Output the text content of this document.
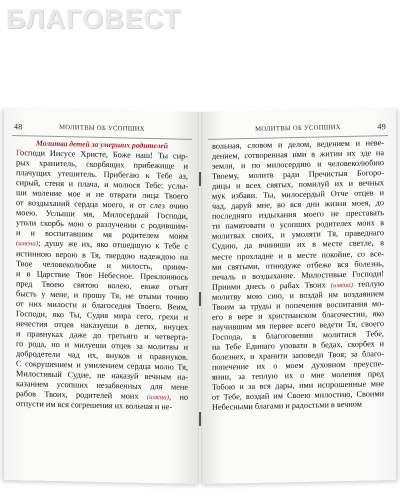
БЛАГОВЕСТ
48	МОЛИТВЫ ОБ УСОПШИХ
Молитва детей за умерших родителей
Господи Иисусе Христе, Боже наш! Ты сир-
рых хранитель, скорбящих прибежище и
плачущих утешитель. Прибегаю к Тебе аз,
сирый, стеня и плача, и молюся Тебе: услы-
ши моление мое и не отврати лица Твоего
от воздыханий сердца моего, и от слез очию
моею. Услыши мя, Милосердый Господи,
утоли скорбь мою о разлучении с родившим-
и и воспитавшим мя родителем моим
(имена); душу же их, яко отшедшую к Тебе с
истинною верою в Тя, твердою надеждою на
Твое человеколюбие и милость, приим-
и в Царствие Твое Небесное. Преклоняюсь
пред Твоею святою волею, еюже отъят
бысть у мене, и прошу Тя, не отыми точию
от них милости и благоседия Твоего. Веим,
Господи, яко Ты, Судия мира сего, грехи и
нечестия отцев наказуеши в детях, внуцех
и правнуках даже до третьяго и четверта-
го рода, но и милуеши отцев за молитвы и
добродетели чад их, внуков и правнуков.
С сокрушением и умилением сердца молю Тя,
Милостивый Судие, не наказуй вечным на-
казанием усопших незабвенных для мене
рабов Твоих, родителей моих (имена), но
отпусти им вся согрешения их вольная и не-
49
МОЛИТВЫ ОБ УСОПШИХ
вольная, словом и делом, ведением и неве-
дением, сотворенная ими в житии их зде на
земли, и по милосердию и человеколюбию
Твоему, молитв ради Пречистыя Богоро-
дицы и всех святых, помилуй их и вечных
мук избави. Ты, милосердый Отче отцев и
чад, даруй мне, во вся дни жизни моея, до
последняго издыхания моего не преставать
ти памятовати о усопших родителех моих в
молитвах своих, и умоляти Тя, праведнаго
Судию, да вчиниши их в месте светле, в
месте прохладне и в месте покойне, со все-
ми святыми, отнюдуже отбеже вся болезнь,
печаль и воздыхание. Милостивые Господи!
Приими днесь о рабах Твоих (имена) теплую
молитву мою сию, и воздай им воздаянием
Твоим за труды и попечения воспитания мо-
его в вере и христианском благочестии, яко
научившим мя первее всего ведети Тя, своего
Господа, в благоговении молитися Тебе,
на Тебе Единаго уповати в бедах, скорбех и
болезнех, и хранити заповеди Твоя; за благо-
попечение их о моем духовном преуспе-
янии, за теплую их о мне моления пред
Тобою и за вся дары, ими испрошенные мне
от Тебе, воздай им Своею милостию, Своими
Небесными благами и радостьми в вечном
